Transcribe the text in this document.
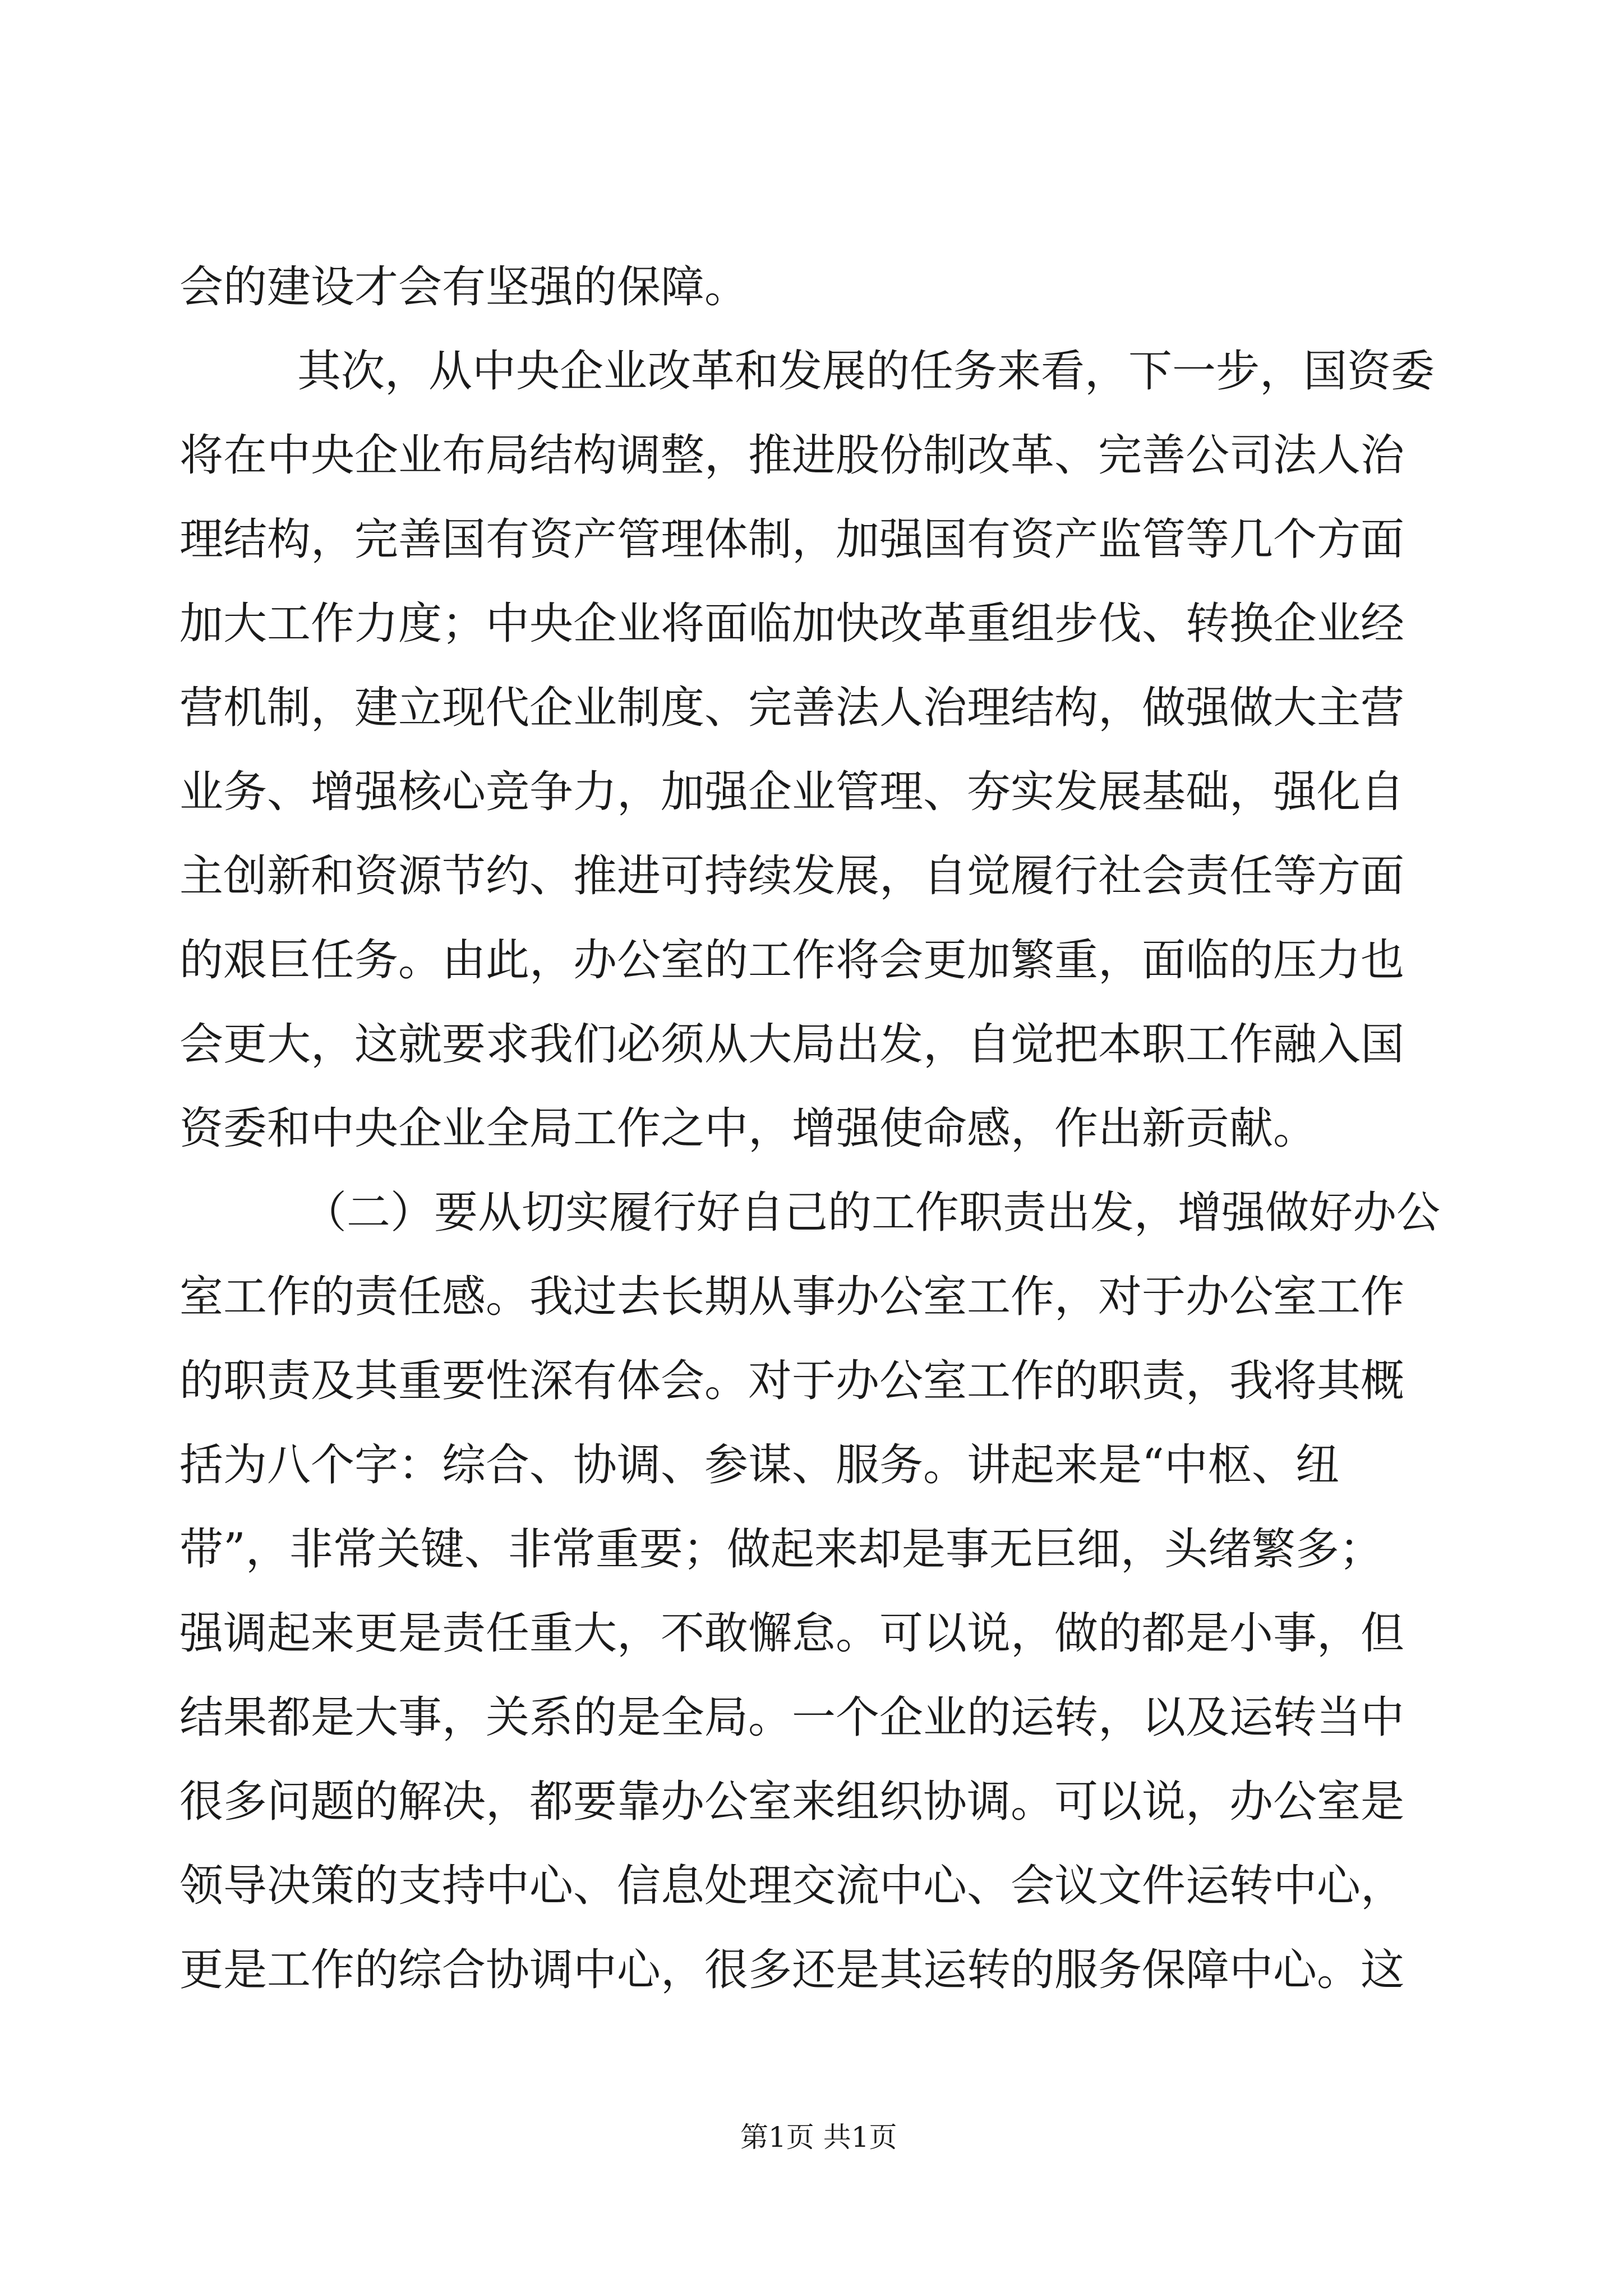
会的建设才会有坚强的保障。
其次，从中央企业改革和发展的任务来看，下一步，国资委
将在中央企业布局结构调整，推进股份制改革、完善公司法人治
理结构，完善国有资产管理体制，加强国有资产监管等几个方面
加大工作力度；中央企业将面临加快改革重组步伐、转换企业经
营机制，建立现代企业制度、完善法人治理结构，做强做大主营
业务、增强核心竞争力，加强企业管理、夯实发展基础，强化自
主创新和资源节约、推进可持续发展，自觉履行社会责任等方面
的艰巨任务。由此，办公室的工作将会更加繁重，面临的压力也
会更大，这就要求我们必须从大局出发，自觉把本职工作融入国
资委和中央企业全局工作之中，增强使命感，作出新贡献。
（二）要从切实履行好自己的工作职责出发，增强做好办公
室工作的责任感。我过去长期从事办公室工作，对于办公室工作
的职责及其重要性深有体会。对于办公室工作的职责，我将其概
括为八个字：综合、协调、参谋、服务。讲起来是“中枢、纽
带”，非常关键、非常重要；做起来却是事无巨细，头绪繁多；
强调起来更是责任重大，不敢懈怠。可以说，做的都是小事，但
结果都是大事，关系的是全局。一个企业的运转，以及运转当中
很多问题的解决，都要靠办公室来组织协调。可以说，办公室是
领导决策的支持中心、信息处理交流中心、会议文件运转中心，
更是工作的综合协调中心，很多还是其运转的服务保障中心。这
第1页 共1页
